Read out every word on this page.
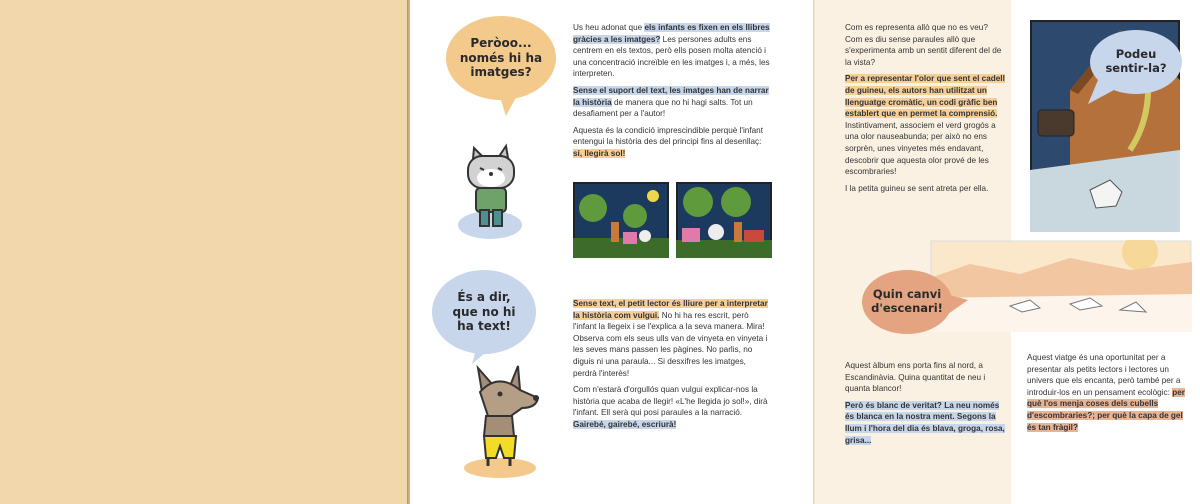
Peròoo... només hi ha imatges?
És a dir, que no hi ha text!

Us heu adonat que els infants es fixen en els llibres gràcies a les imatges? Les persones adults ens centrem en els textos, però ells posen molta atenció i una concentració increïble en les imatges i, a més, les interpreten.

Sense el suport del text, les imatges han de narrar la història de manera que no hi hagi salts. Tot un desafiament per a l'autor!

Aquesta és la condició imprescindible perquè l'infant entengui la història des del principi fins al desenllaç: sí, llegirà sol!

Sense text, el petit lector és lliure per a interpretar la història com vulgui. No hi ha res escrit, però l'infant la llegeix i se l'explica a la seva manera. Mira! Observa com els seus ulls van de vinyeta en vinyeta i les seves mans passen les pàgines. No parlis, no diguis ni una paraula... Si desxifres les imatges, perdrà l'interès!

Com n'estarà d'orgullós quan vulgui explicar-nos la història que acaba de llegir! «L'he llegida jo sol!», dirà l'infant. Ell serà qui posi paraules a la narració.
Gairebé, gairebé, escriurà!

Com es representa allò que no es veu? Com es diu sense paraules allò que s'experimenta amb un sentit diferent del de la vista?

Per a representar l'olor que sent el cadell de guineu, els autors han utilitzat un llenguatge cromàtic, un codi gràfic ben establert que en permet la comprensió. Instintivament, associem el verd grogós a una olor nauseabunda; per això no ens sorprèn, unes vinyetes més endavant, descobrir que aquesta olor prové de les escombraries!

I la petita guineu se sent atreta per ella.

Podeu sentir-la?
Quin canvi d'escenari!

Aquest àlbum ens porta fins al nord, a Escandinàvia. Quina quantitat de neu i quanta blancor!

Però és blanc de veritat? La neu només és blanca en la nostra ment. Segons la llum i l'hora del dia és blava, groga, rosa, grisa...

Aquest viatge és una oportunitat per a presentar als petits lectors i lectores un univers que els encanta, però també per a introduir-los en un pensament ecològic: per què l'os menja coses dels cubells d'escombraries?; per què la capa de gel és tan fràgil?
